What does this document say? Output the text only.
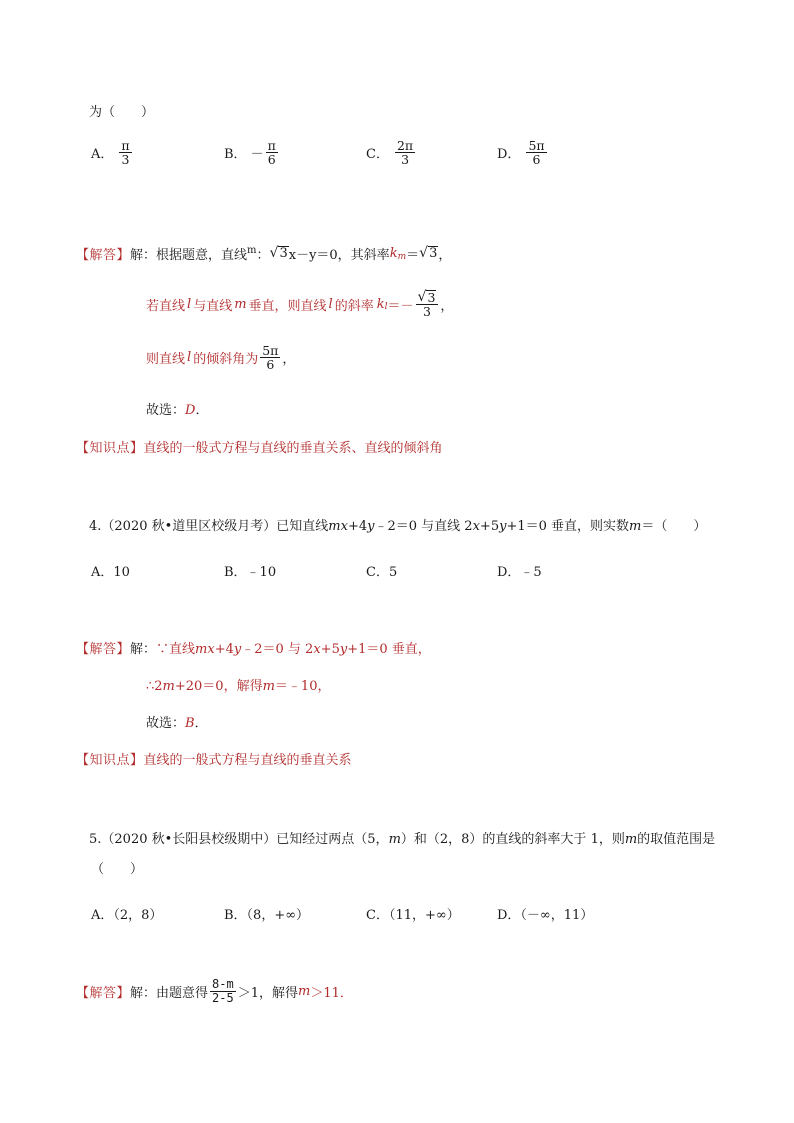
为（　　）
A． $\frac{\pi}{3}$	B． － $\frac{\pi}{6}$	C． $\frac{2\pi}{3}$	D． $\frac{5\pi}{6}$
【解答】 解：根据题意，直线 m ： √ 3 x－y＝0，其斜率 k m ＝ √ 3 ，
若直线 l 与直线 m 垂直，则直线 l 的斜率 k $l =- \frac{√ 3}{3}$ ，
则直线 l 的倾斜角为 $\frac{5\pi}{6}$ ，
故选：D．
【知识点】直线的一般式方程与直线的垂直关系、直线的倾斜角
4.（2020 秋•道里区校级月考）已知直线mx+4y﹣2＝0 与直线 2x+5y+1＝0 垂直，则实数m＝（　　）
A．10	B．﹣10	C．5	D．﹣5
【解答】解：∵直线mx+4y﹣2＝0 与 2x+5y+1＝0 垂直，
∴2m+20＝0，解得m＝﹣10，
故选：B．
【知识点】直线的一般式方程与直线的垂直关系
5.（2020 秋•长阳县校级期中）已知经过两点（5，m）和（2，8）的直线的斜率大于 1，则m的取值范围是
（　　）
A．（2，8）	B．（8，+∞）	C．（11，+∞）	D．（－∞，11）
【解答】 解：由题意得 $\frac{8-m}{2-5} >1$，解得 m ＞11．
